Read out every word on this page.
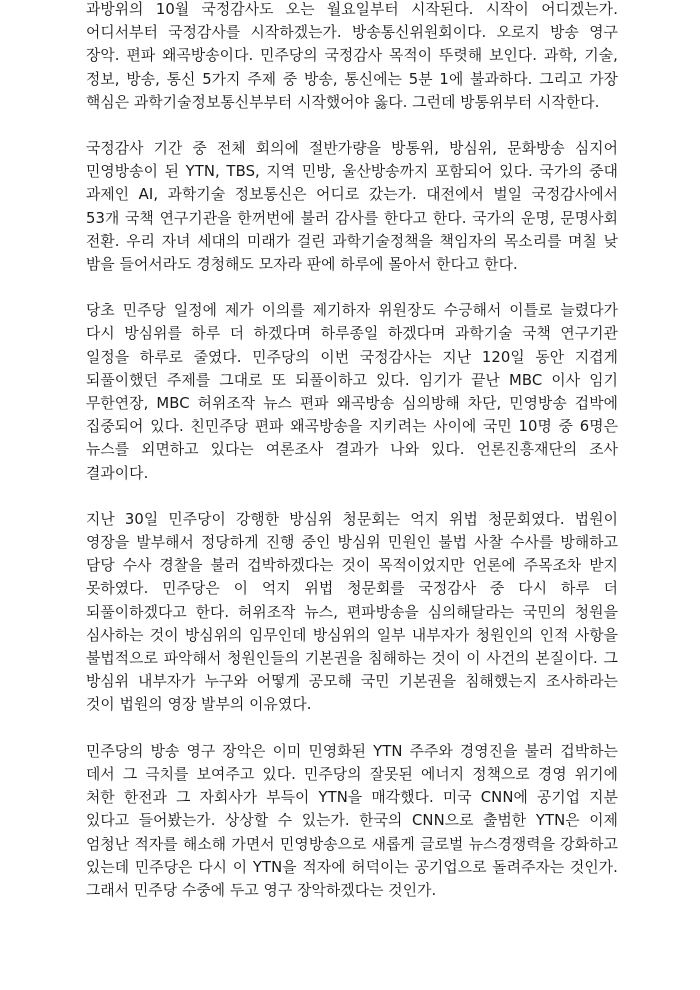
과방위의 10월 국정감사도 오는 월요일부터 시작된다. 시작이 어디겠는가. 어디서부터 국정감사를 시작하겠는가. 방송통신위원회이다. 오로지 방송 영구 장악. 편파 왜곡방송이다. 민주당의 국정감사 목적이 뚜렷해 보인다. 과학, 기술, 정보, 방송, 통신 5가지 주제 중 방송, 통신에는 5분 1에 불과하다. 그리고 가장 핵심은 과학기술정보통신부부터 시작했어야 옳다. 그런데 방통위부터 시작한다.

국정감사 기간 중 전체 회의에 절반가량을 방통위, 방심위, 문화방송 심지어 민영방송이 된 YTN, TBS, 지역 민방, 울산방송까지 포함되어 있다. 국가의 중대 과제인 AI, 과학기술 정보통신은 어디로 갔는가. 대전에서 벌일 국정감사에서 53개 국책 연구기관을 한꺼번에 불러 감사를 한다고 한다. 국가의 운명, 문명사회 전환. 우리 자녀 세대의 미래가 걸린 과학기술정책을 책임자의 목소리를 며칠 낮 밤을 들어서라도 경청해도 모자라 판에 하루에 몰아서 한다고 한다.

당초 민주당 일정에 제가 이의를 제기하자 위원장도 수긍해서 이틀로 늘렸다가 다시 방심위를 하루 더 하겠다며 하루종일 하겠다며 과학기술 국책 연구기관 일정을 하루로 줄였다. 민주당의 이번 국정감사는 지난 120일 동안 지겹게 되풀이했던 주제를 그대로 또 되풀이하고 있다. 임기가 끝난 MBC 이사 임기 무한연장, MBC 허위조작 뉴스 편파 왜곡방송 심의방해 차단, 민영방송 겁박에 집중되어 있다. 친민주당 편파 왜곡방송을 지키려는 사이에 국민 10명 중 6명은 뉴스를 외면하고 있다는 여론조사 결과가 나와 있다. 언론진흥재단의 조사 결과이다.

지난 30일 민주당이 강행한 방심위 청문회는 억지 위법 청문회였다. 법원이 영장을 발부해서 정당하게 진행 중인 방심위 민원인 불법 사찰 수사를 방해하고 담당 수사 경찰을 불러 겁박하겠다는 것이 목적이었지만 언론에 주목조차 받지 못하였다. 민주당은 이 억지 위법 청문회를 국정감사 중 다시 하루 더 되풀이하겠다고 한다. 허위조작 뉴스, 편파방송을 심의해달라는 국민의 청원을 심사하는 것이 방심위의 임무인데 방심위의 일부 내부자가 청원인의 인적 사항을 불법적으로 파악해서 청원인들의 기본권을 침해하는 것이 이 사건의 본질이다. 그 방심위 내부자가 누구와 어떻게 공모해 국민 기본권을 침해했는지 조사하라는 것이 법원의 영장 발부의 이유였다.

민주당의 방송 영구 장악은 이미 민영화된 YTN 주주와 경영진을 불러 겁박하는 데서 그 극치를 보여주고 있다. 민주당의 잘못된 에너지 정책으로 경영 위기에 처한 한전과 그 자회사가 부득이 YTN을 매각했다. 미국 CNN에 공기업 지분 있다고 들어봤는가. 상상할 수 있는가. 한국의 CNN으로 출범한 YTN은 이제 엄청난 적자를 해소해 가면서 민영방송으로 새롭게 글로벌 뉴스경쟁력을 강화하고 있는데 민주당은 다시 이 YTN을 적자에 허덕이는 공기업으로 돌려주자는 것인가. 그래서 민주당 수중에 두고 영구 장악하겠다는 것인가.
